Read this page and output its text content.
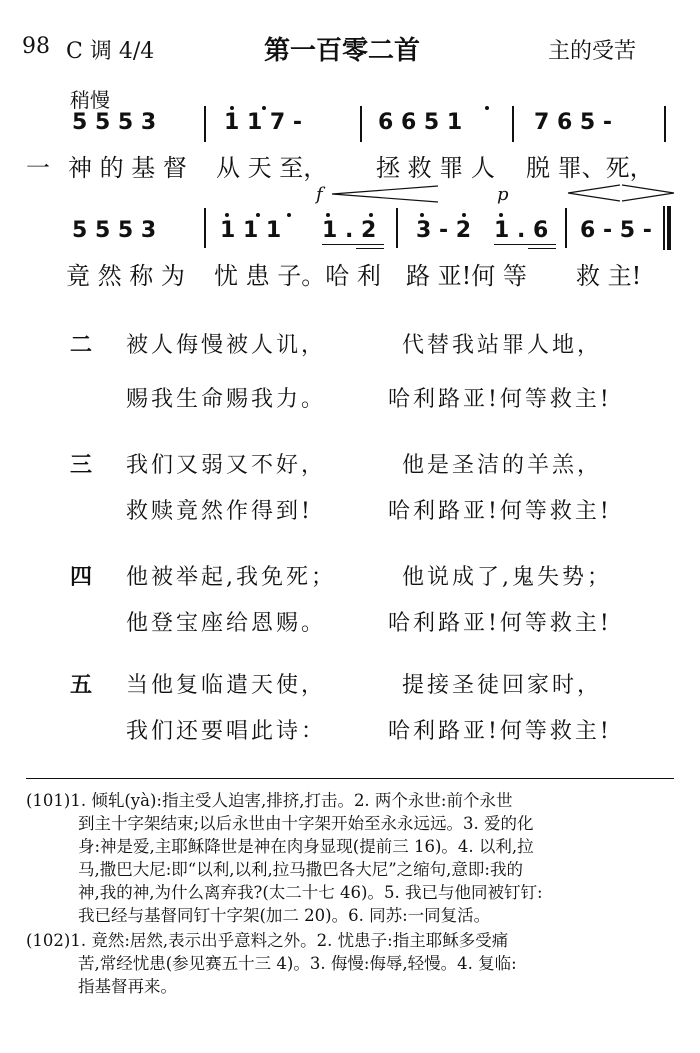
98 C 调 4/4	第一百零二首	主的受苦
稍慢
5 5 5 3	1 1 7 -	6 6 5 1	7 6 5 -
一 神 的 基 督 从 天 至， 拯 救 罪 人 脱 罪、死，
f	p
5 5 5 3	1 1 1 1 . 2 3 - 2 1 . 6 6 - 5 -
竟 然 称 为 忧 患 子。哈 利 路 亚!何 等 救 主!
二 被人侮慢被人讥，	代替我站罪人地，
赐我生命赐我力。	哈利路亚!何等救主!
三 我们又弱又不好，	他是圣洁的羊羔，
救赎竟然作得到!	哈利路亚!何等救主!
四 他被举起,我免死；	他说成了,鬼失势；
他登宝座给恩赐。	哈利路亚!何等救主!
五 当他复临遣天使，	提接圣徒回家时，
我们还要唱此诗：	哈利路亚!何等救主!
(101)1. 倾轧(yà):指主受人迫害,排挤,打击。2. 两个永世:前个永世
到主十字架结束;以后永世由十字架开始至永永远远。3. 爱的化
身:神是爱,主耶稣降世是神在肉身显现(提前三 16)。4. 以利,拉
马,撒巴大尼:即“以利,以利,拉马撒巴各大尼”之缩句,意即:我的
神,我的神,为什么离弃我?(太二十七 46)。5. 我已与他同被钉钉:
我已经与基督同钉十字架(加二 20)。6. 同苏:一同复活。
(102)1. 竟然:居然,表示出乎意料之外。2. 忧患子:指主耶稣多受痛
苦,常经忧患(参见赛五十三 4)。3. 侮慢:侮辱,轻慢。4. 复临:
指基督再来。
